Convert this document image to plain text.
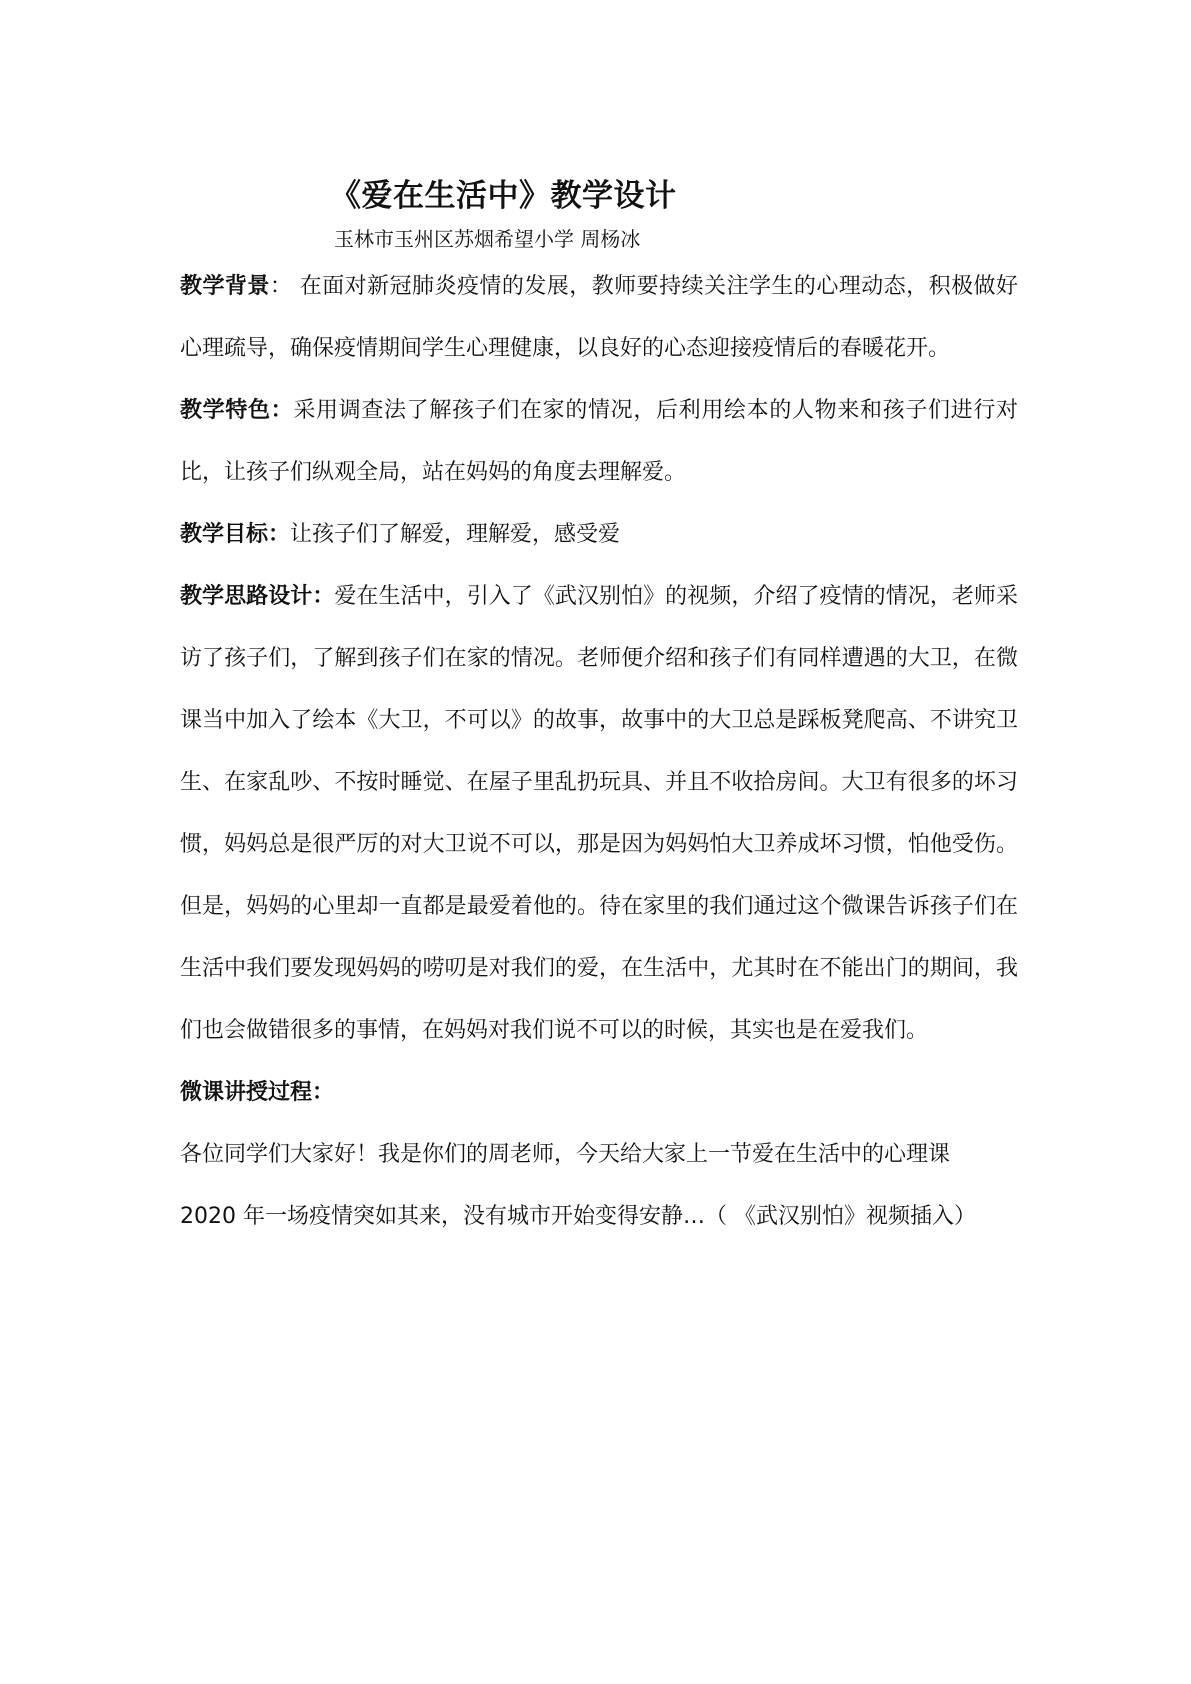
《爱在生活中》教学设计
玉林市玉州区苏烟希望小学 周杨冰

教学背景： 在面对新冠肺炎疫情的发展，教师要持续关注学生的心理动态，积极做好心理疏导，确保疫情期间学生心理健康，以良好的心态迎接疫情后的春暖花开。

教学特色：采用调查法了解孩子们在家的情况，后利用绘本的人物来和孩子们进行对比，让孩子们纵观全局，站在妈妈的角度去理解爱。

教学目标：让孩子们了解爱，理解爱，感受爱

教学思路设计：爱在生活中，引入了《武汉别怕》的视频，介绍了疫情的情况，老师采访了孩子们，了解到孩子们在家的情况。老师便介绍和孩子们有同样遭遇的大卫，在微课当中加入了绘本《大卫，不可以》的故事，故事中的大卫总是踩板凳爬高、不讲究卫生、在家乱吵、不按时睡觉、在屋子里乱扔玩具、并且不收拾房间。大卫有很多的坏习惯，妈妈总是很严厉的对大卫说不可以，那是因为妈妈怕大卫养成坏习惯，怕他受伤。但是，妈妈的心里却一直都是最爱着他的。待在家里的我们通过这个微课告诉孩子们在生活中我们要发现妈妈的唠叨是对我们的爱，在生活中，尤其时在不能出门的期间，我们也会做错很多的事情，在妈妈对我们说不可以的时候，其实也是在爱我们。

微课讲授过程：

各位同学们大家好！我是你们的周老师，今天给大家上一节爱在生活中的心理课

2020 年一场疫情突如其来，没有城市开始变得安静…（ 《武汉别怕》视频插入）
